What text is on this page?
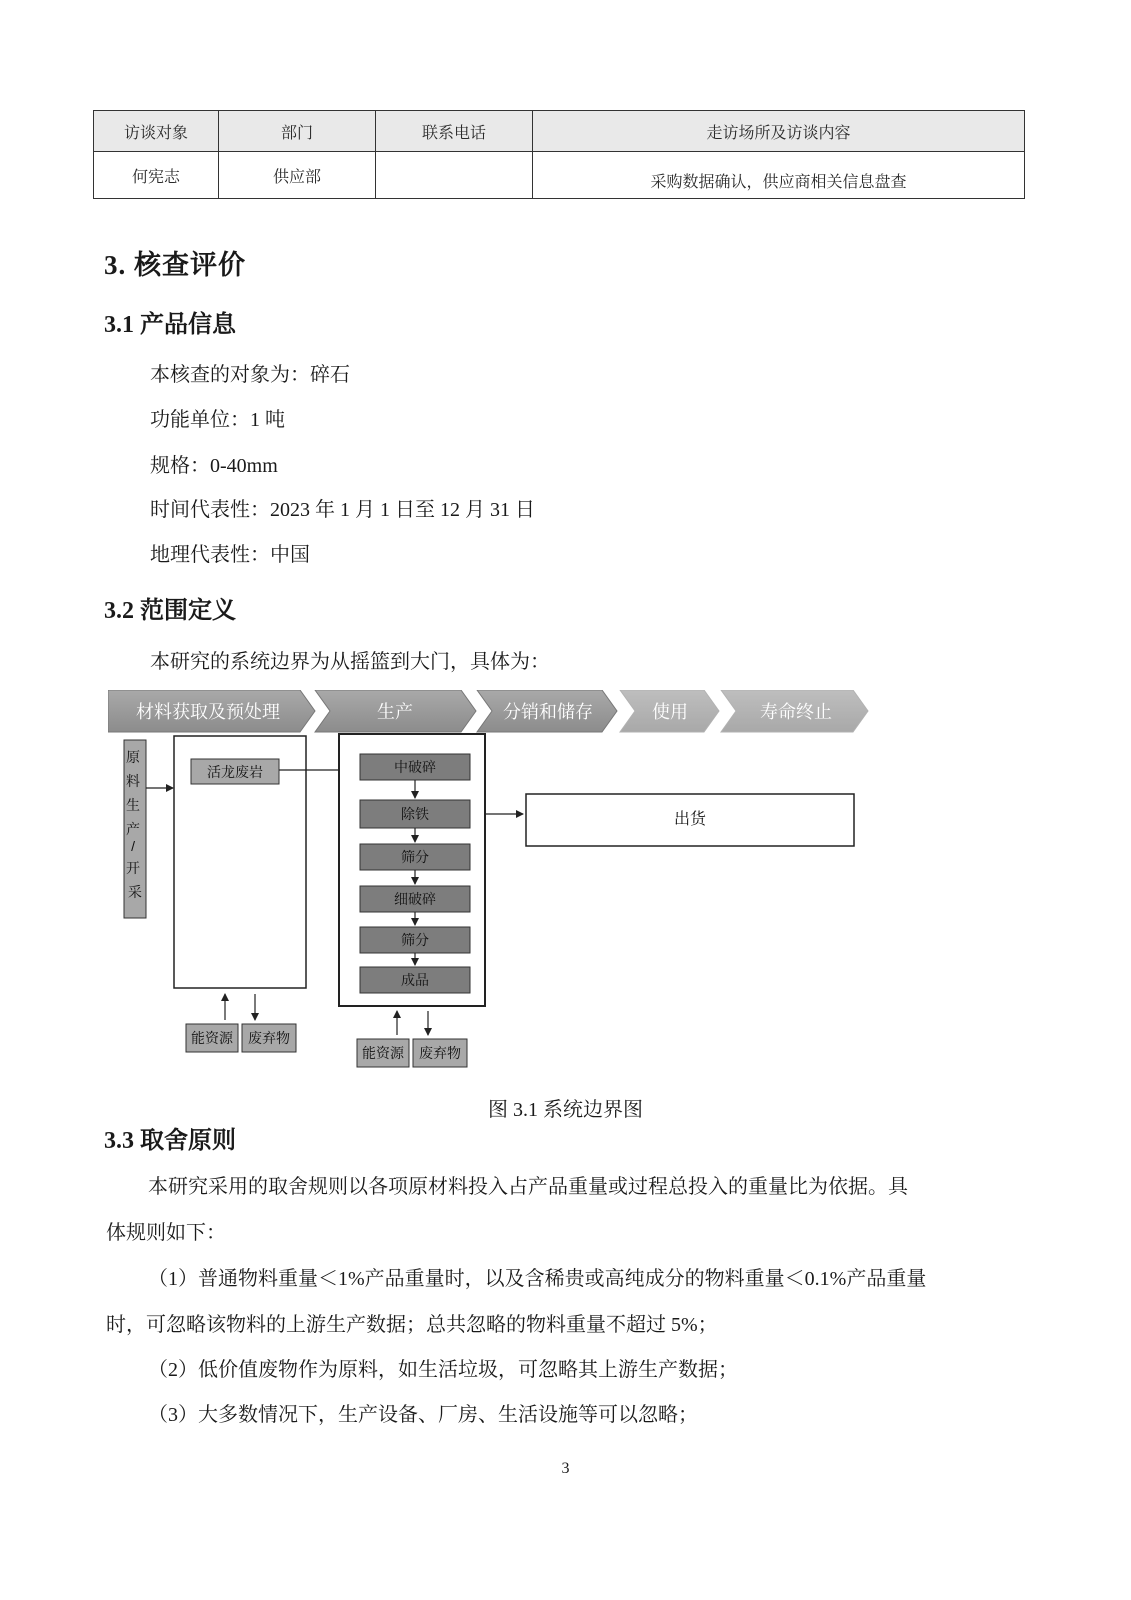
访谈对象	部门	联系电话	走访场所及访谈内容
何宪志	供应部		采购数据确认，供应商相关信息盘查
3. 核查评价
3.1 产品信息

本核查的对象为：碎石

功能单位：1 吨

规格：0-40mm

时间代表性：2023 年 1 月 1 日至 12 月 31 日

地理代表性：中国

3.2 范围定义

本研究的系统边界为从摇篮到大门，具体为：

材料获取及预处理	生产	分销和储存	使用	寿命终止
原 料 生 产 / 开 采
活龙废岩	中破碎
除铁
筛分
细破碎
筛分
成品
出货
能资源 废弃物
能资源 废弃物

图 3.1 系统边界图

3.3 取舍原则

本研究采用的取舍规则以各项原材料投入占产品重量或过程总投入的重量比为依据。具

体规则如下：

（1）普通物料重量＜1%产品重量时，以及含稀贵或高纯成分的物料重量＜0.1%产品重量

时，可忽略该物料的上游生产数据；总共忽略的物料重量不超过 5%；

（2）低价值废物作为原料，如生活垃圾，可忽略其上游生产数据；

（3）大多数情况下，生产设备、厂房、生活设施等可以忽略；

3
